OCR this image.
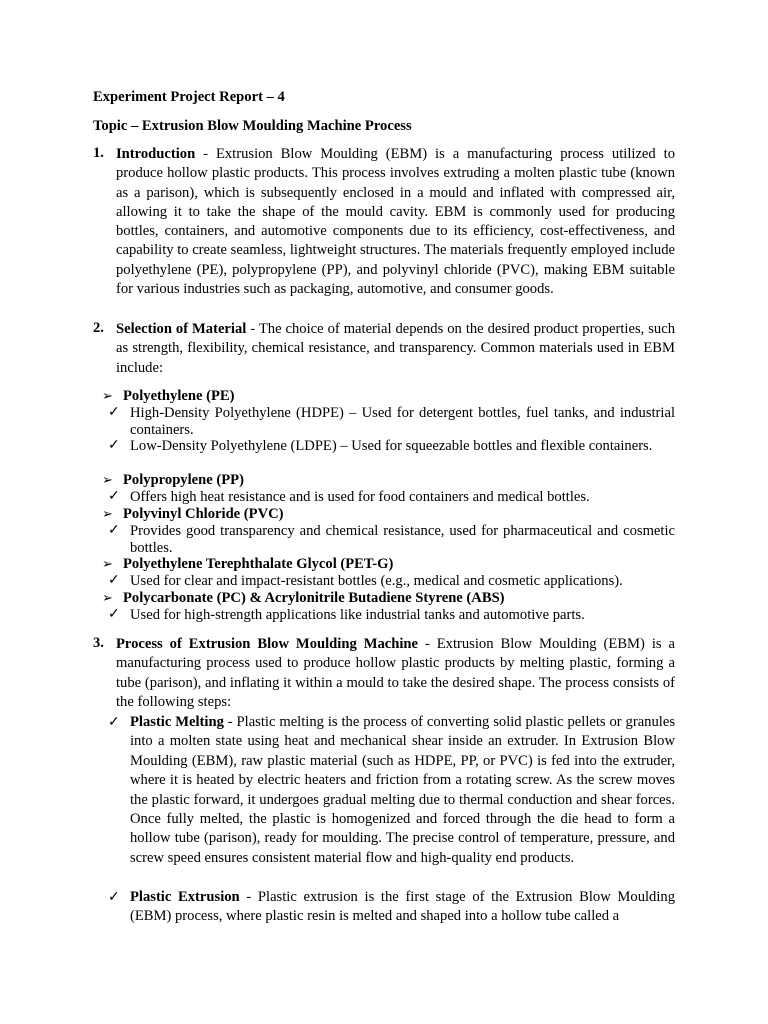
Experiment Project Report – 4
Topic – Extrusion Blow Moulding Machine Process
1. Introduction - Extrusion Blow Moulding (EBM) is a manufacturing process utilized to produce hollow plastic products. This process involves extruding a molten plastic tube (known as a parison), which is subsequently enclosed in a mould and inflated with compressed air, allowing it to take the shape of the mould cavity. EBM is commonly used for producing bottles, containers, and automotive components due to its efficiency, cost-effectiveness, and capability to create seamless, lightweight structures. The materials frequently employed include polyethylene (PE), polypropylene (PP), and polyvinyl chloride (PVC), making EBM suitable for various industries such as packaging, automotive, and consumer goods.
2. Selection of Material - The choice of material depends on the desired product properties, such as strength, flexibility, chemical resistance, and transparency. Common materials used in EBM include:
➢ Polyethylene (PE)
✓ High-Density Polyethylene (HDPE) – Used for detergent bottles, fuel tanks, and industrial containers.
✓ Low-Density Polyethylene (LDPE) – Used for squeezable bottles and flexible containers.
➢ Polypropylene (PP)
✓ Offers high heat resistance and is used for food containers and medical bottles.
➢ Polyvinyl Chloride (PVC)
✓ Provides good transparency and chemical resistance, used for pharmaceutical and cosmetic bottles.
➢ Polyethylene Terephthalate Glycol (PET-G)
✓ Used for clear and impact-resistant bottles (e.g., medical and cosmetic applications).
➢ Polycarbonate (PC) & Acrylonitrile Butadiene Styrene (ABS)
✓ Used for high-strength applications like industrial tanks and automotive parts.
3. Process of Extrusion Blow Moulding Machine - Extrusion Blow Moulding (EBM) is a manufacturing process used to produce hollow plastic products by melting plastic, forming a tube (parison), and inflating it within a mould to take the desired shape. The process consists of the following steps:
✓ Plastic Melting - Plastic melting is the process of converting solid plastic pellets or granules into a molten state using heat and mechanical shear inside an extruder. In Extrusion Blow Moulding (EBM), raw plastic material (such as HDPE, PP, or PVC) is fed into the extruder, where it is heated by electric heaters and friction from a rotating screw. As the screw moves the plastic forward, it undergoes gradual melting due to thermal conduction and shear forces. Once fully melted, the plastic is homogenized and forced through the die head to form a hollow tube (parison), ready for moulding. The precise control of temperature, pressure, and screw speed ensures consistent material flow and high-quality end products.
✓ Plastic Extrusion - Plastic extrusion is the first stage of the Extrusion Blow Moulding (EBM) process, where plastic resin is melted and shaped into a hollow tube called a
